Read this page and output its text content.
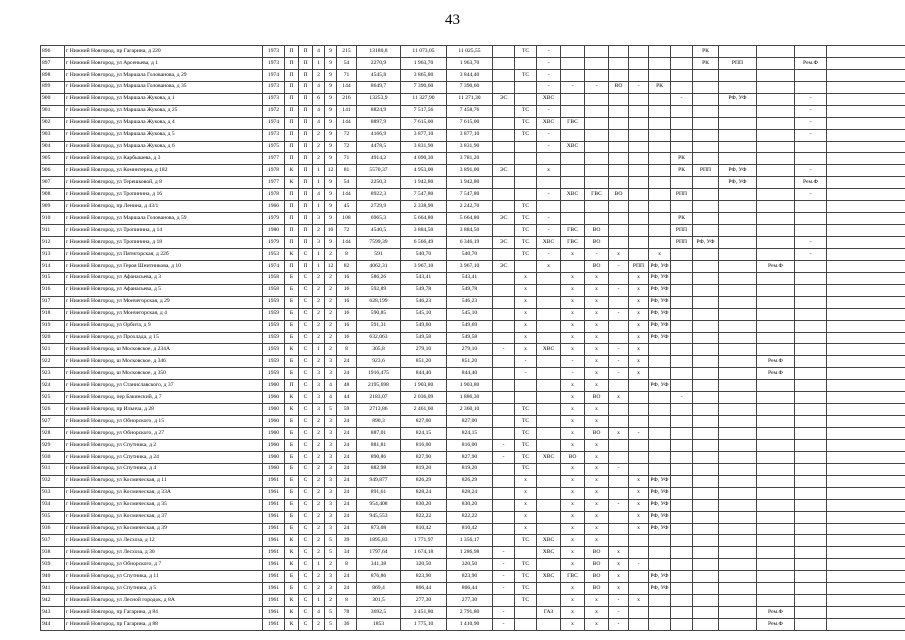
43
896	г Нижний Новгород, пр Гагарина, д 220	1973	П	П	4	9	215	13180,8	11 073,05	11 025,55		ТС	-							РК				
897	г Нижний Новгород, ул Арсеньева, д 1	1973	П	П	1	9	54	2270,9	1 963,70	1 963,70			-							РК	РПП		Рем.Ф	
898	г Нижний Новгород, ул Маршала Голованова, д 29	1974	П	П	2	9	71	4545,8	3 865,80	3 844,40		ТС	-											
899	г Нижний Новгород, ул Маршала Голованова, д 35	1973	П	П	4	9	144	8649,7	7 390,60	7 390,60			-	-	-	ВО	-	РК						
900	г Нижний Новгород, ул Маршала Жукова, д 1	1973	П	П	6	9	216	13253,9	11 327,90	11 271,30	ЭС		ХВС						-		РФ, УФ		-	
901	г Нижний Новгород, ул Маршала Жукова, д 25	1972	П	П	4	9	141	8824,9	7 517,56	7 458,76		ТС	-										-	
902	г Нижний Новгород, ул Маршала Жукова, д 4	1974	П	П	4	9	144	8897,9	7 615,00	7 615,00		ТС	ХВС	ГВС									-	
903	г Нижний Новгород, ул Маршала Жукова, д 5	1973	П	П	2	9	72	4166,9	3 877,10	3 877,10		ТС	-										-	
904	г Нижний Новгород, ул Маршала Жукова, д 6	1975	П	П	2	9	72	4478,5	3 831,90	3 831,90			-	ХВС										
905	г Нижний Новгород, ул Карбышева, д 3	1977	П	П	2	9	71	4914,2	4 090,30	3 781,20									РК					
906	г Нижний Новгород, ул Коминтерна, д 182	1978	К	П	1	12	81	5570,37	4 953,00	3 891,00	ЭС		х						РК	РПП	РФ, УФ		-	
907	г Нижний Новгород, ул Терешковой, д 8	1977	К	П	1	9	54	2250,3	1 942,80	1 942,80											РФ, УФ		Рем.Ф	
908	г Нижний Новгород, ул Тропинина, д 16	1978	П	П	4	9	144	8922,3	7 547,80	7 547,80			-	ХВС	ГВС	ВО			РПП				-	
909	г Нижний Новгород, пр Ленина, д 43/1	1966	П	П	1	9	45	2729,9	2 338,90	2 242,70		ТС												
910	г Нижний Новгород, ул Маршала Голованова, д 59	1979	П	П	3	9	108	6965,3	5 664,80	5 664,80	ЭС	ТС	-						РК					
911	г Нижний Новгород, ул Тропинина, д 14	1980	П	П	2	10	72	4540,5	3 884,50	3 884,50		ТС	-	ГВС	ВО				РПП					
912	г Нижний Новгород, ул Тропинина, д 18	1979	П	П	3	9	144	7599,39	6 566,49	6 346,19	ЭС	ТС	ХВС	ГВС	ВО				РПП	РФ, УФ			-	
913	г Нижний Новгород, ул Пятигорская, д 22б	1953	К	С	1	2	8	591	540,70	540,70		ТС	-	х	-	х		х					-	
914	г Нижний Новгород, ул Героя Шнитникова, д 10	1974	П	П	1	12	82	4062,31	3 967,10	3 967,10	ЭС		х		ВО	-	РПП	РФ, УФ				Рем.Ф		
915	г Нижний Новгород, ул Афанасьева, д 3	1958	Б	С	2	2	16	586,26	543,41	543,41		х		х	х		х	РФ, УФ						
916	г Нижний Новгород, ул Афанасьева, д 5	1958	Б	С	2	2	16	592,89	549,78	549,78		х		х	х	-	х	РФ, УФ						
917	г Нижний Новгород, ул Мончегорская, д 29	1959	Б	С	2	2	16	628,199	546,23	546,23		х		х	х		х	РФ, УФ						
918	г Нижний Новгород, ул Мончегорская, д 4	1959	Б	С	2	2	16	590,85	545,10	545,10		х		х	х	-	х	РФ, УФ						
919	г Нижний Новгород, ул Орбита, д 9	1959	Б	С	2	2	16	591,31	549,60	549,69		х		х	х		х	РФ, УФ						
920	г Нижний Новгород, ул Прохлада, д 15	1959	Б	С	2	2	16	632,063	549,58	549,58		х		х	х		х	РФ, УФ						
921	г Нижний Новгород, ш Московское, д 234А	1959	К	С	1	2	8	305,8	279,10	279,10	-	х	ХВС	х	х	-	х							
922	г Нижний Новгород, ш Московское, д 346	1959	Б	С	2	3	24	923,6	851,20	851,20		-		-	х	-	х					Рем.Ф		
923	г Нижний Новгород, ш Московское, д 350	1959	Б	С	3	3	24	1916,475	844,40	844,40		-		-	х	-	х					Рем.Ф		
924	г Нижний Новгород, ул Станиславского, д 37	1960	П	С	3	4	48	2195,698	1 903,80	1 903,80				х	х			РФ, УФ						
925	г Нижний Новгород, пер Бакинский, д 7	1960	К	С	3	4	44	2183,07	2 036,09	1 886,30				х	ВО	х			-					
926	г Нижний Новгород, пр Ильича, д 28	1960	К	С	3	5	59	2713,86	2 461,60	2 360,10		ТС		х	х									
927	г Нижний Новгород, ул Обнорского, д 15	1960	Б	С	2	3	24	890,3	827,00	827,00		ТС		х	х									
928	г Нижний Новгород, ул Обнорского, д 27	1960	Б	С	2	3	24	887,01	824,15	824,15		ТС		х	ВО	х	-							
929	г Нижний Новгород, ул Спутника, д 2	1960	Б	С	2	3	24	881,81	816,00	816,00	-	ТС		х	х									
930	г Нижний Новгород, ул Спутника, д 24	1960	Б	С	2	3	24	890,86	827,90	827,90	-	ТС	ХВС	ВО	х									
931	г Нижний Новгород, ул Спутника, д 4	1960	Б	С	2	3	24	882,98	819,20	819,20		ТС		х	х	-								
932	г Нижний Новгород, ул Космическая, д 11	1961	Б	С	2	3	24	949,877	826,29	826,29		х		х	х		х	РФ, УФ						
933	г Нижний Новгород, ул Космическая, д 33А	1961	Б	С	2	3	24	891,61	828,24	828,24		х		х	х		х	РФ, УФ						
934	г Нижний Новгород, ул Космическая, д 35	1961	Б	С	2	3	24	954,408	830,20	830,20		х		х	х	-	х	РФ, УФ						
935	г Нижний Новгород, ул Космическая, д 37	1961	Б	С	2	3	24	945,553	822,22	822,22		х		х	х		х	РФ, УФ						
936	г Нижний Новгород, ул Космическая, д 39	1961	Б	С	2	3	24	873,08	810,42	810,42		х		х	х		х	РФ, УФ						
937	г Нижний Новгород, ул Лесхоза, д 12	1961	К	С	2	5	39	1895,83	1 771,97	1 356,17		ТС	ХВС	х	х									
938	г Нижний Новгород, ул Лесхоза, д 30	1961	К	С	2	5	34	1797,64	1 674,18	1 286,98	-		ХВС	х	ВО	х								
939	г Нижний Новгород, ул Обнорского, д 7	1961	К	С	1	2	8	341,38	320,50	320,50	-	ТС		х	ВО	х	-							
940	г Нижний Новгород, ул Спутника, д 11	1961	Б	С	2	3	24	876,86	823,90	823,90	-	ТС	ХВС	ГВС	ВО	х		РФ, УФ						
941	г Нижний Новгород, ул Спутника, д 5	1961	Б	С	2	3	24	869,4	806,44	806,44	-	ТС		х	ВО	х		РФ, УФ						
942	г Нижний Новгород, ул Лесной городок, д 8А	1961	К	С	1	2	8	301,5	277,30	277,30		ТС		х	х	-	х							
943	г Нижний Новгород, пр Гагарина, д 84	1961	К	С	4	5	78	3692,5	3 451,80	2 791,80	-		ГАЗ	х	х	-						Рем.Ф		
944	г Нижний Новгород, пр Гагарина, д 88	1961	К	С	2	5	36	1853	1 775,10	1 410,90	-			х	х	-						Рем.Ф		
